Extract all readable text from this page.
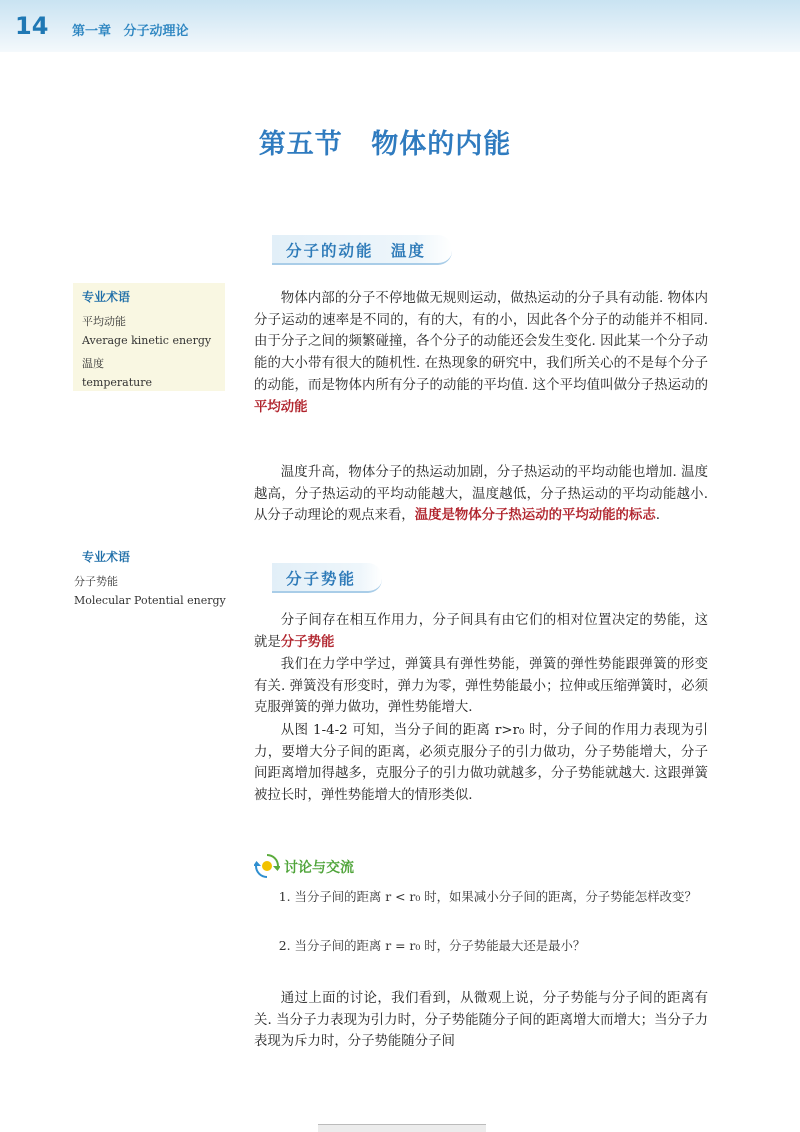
14 第一章 分子动理论
第五节 物体的内能
分子的动能 温度
专业术语
平均动能
Average kinetic energy
温度
temperature
物体内部的分子不停地做无规则运动，做热运动的分子具有动能. 物体内分子运动的速率是不同的，有的大，有的小，因此各个分子的动能并不相同. 由于分子之间的频繁碰撞，各个分子的动能还会发生变化. 因此某一个分子动能的大小带有很大的随机性. 在热现象的研究中，我们所关心的不是每个分子的动能，而是物体内所有分子的动能的平均值. 这个平均值叫做分子热运动的平均动能
温度升高，物体分子的热运动加剧，分子热运动的平均动能也增加. 温度越高，分子热运动的平均动能越大，温度越低，分子热运动的平均动能越小. 从分子动理论的观点来看，温度是物体分子热运动的平均动能的标志.
专业术语
分子势能
Molecular Potential energy
分子势能
分子间存在相互作用力，分子间具有由它们的相对位置决定的势能，这就是分子势能
我们在力学中学过，弹簧具有弹性势能，弹簧的弹性势能跟弹簧的形变有关. 弹簧没有形变时，弹力为零，弹性势能最小；拉伸或压缩弹簧时，必须克服弹簧的弹力做功，弹性势能增大.
从图 1-4-2 可知，当分子间的距离 r>r₀ 时，分子间的作用力表现为引力，要增大分子间的距离，必须克服分子的引力做功，分子势能增大，分子间距离增加得越多，克服分子的引力做功就越多，分子势能就越大. 这跟弹簧被拉长时，弹性势能增大的情形类似.
讨论与交流
1. 当分子间的距离 r < r₀ 时，如果减小分子间的距离，分子势能怎样改变？
2. 当分子间的距离 r = r₀ 时，分子势能最大还是最小？
通过上面的讨论，我们看到，从微观上说，分子势能与分子间的距离有关. 当分子力表现为引力时，分子势能随分子间的距离增大而增大；当分子力表现为斥力时，分子势能随分子间
